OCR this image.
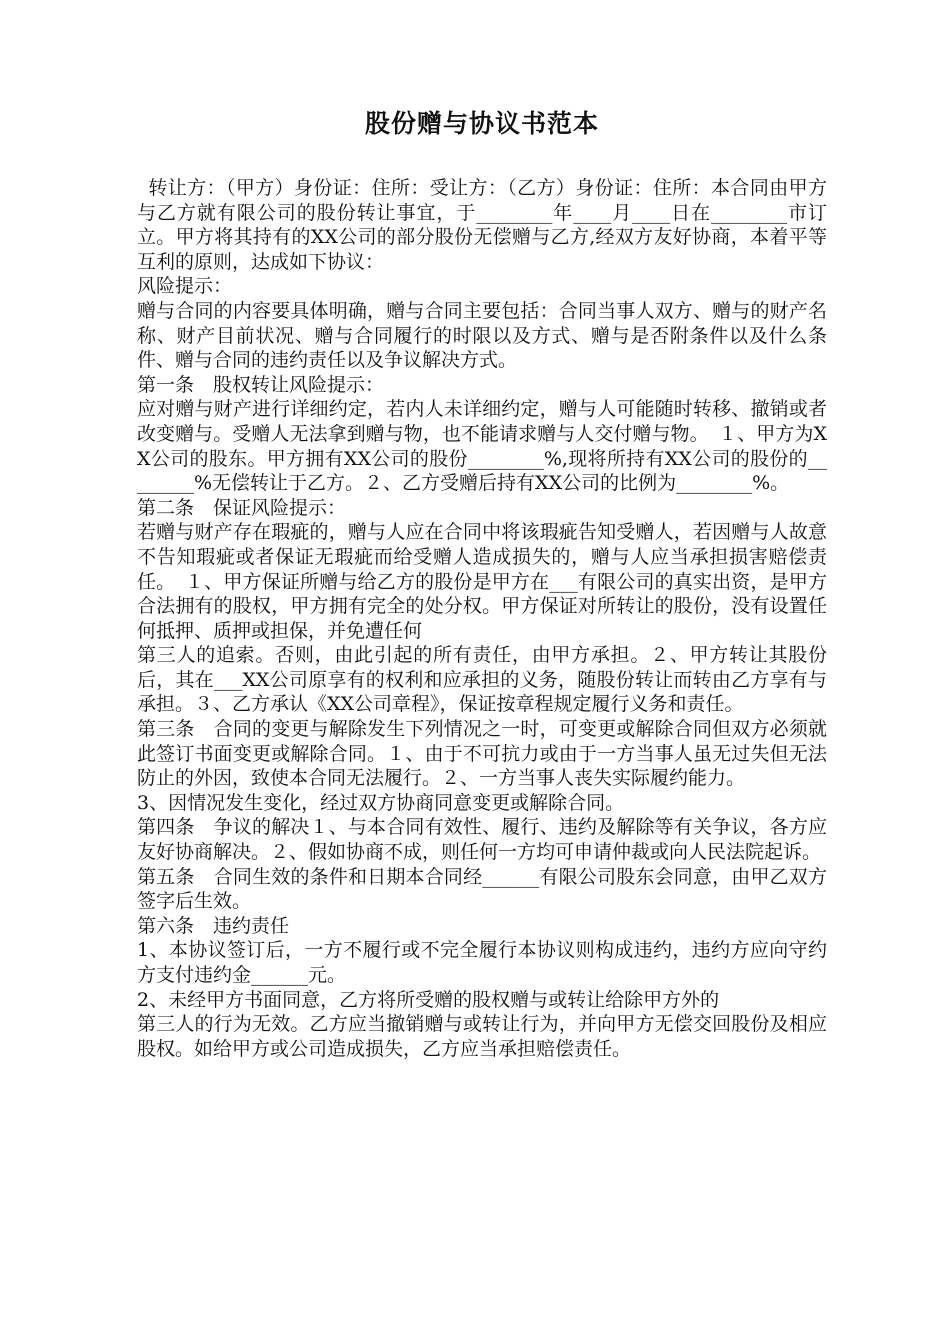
股份赠与协议书范本

转让方：（甲方）身份证：住所：受让方：（乙方）身份证：住所：本合同由甲方与乙方就有限公司的股份转让事宜，于________年____月____日在________市订立。甲方将其持有的XX公司的部分股份无偿赠与乙方,经双方友好协商，本着平等互利的原则，达成如下协议：

风险提示：

赠与合同的内容要具体明确，赠与合同主要包括：合同当事人双方、赠与的财产名称、财产目前状况、赠与合同履行的时限以及方式、赠与是否附条件以及什么条件、赠与合同的违约责任以及争议解决方式。

第一条　股权转让风险提示：

应对赠与财产进行详细约定，若内人未详细约定，赠与人可能随时转移、撤销或者改变赠与。受赠人无法拿到赠与物，也不能请求赠与人交付赠与物。　１、甲方为XX公司的股东。甲方拥有XX公司的股份________%,现将所持有XX公司的股份的________%无偿转让于乙方。２、乙方受赠后持有XX公司的比例为________%。

第二条　保证风险提示：

若赠与财产存在瑕疵的，赠与人应在合同中将该瑕疵告知受赠人，若因赠与人故意不告知瑕疵或者保证无瑕疵而给受赠人造成损失的，赠与人应当承担损害赔偿责任。　１、甲方保证所赠与给乙方的股份是甲方在___有限公司的真实出资，是甲方合法拥有的股权，甲方拥有完全的处分权。甲方保证对所转让的股份，没有设置任何抵押、质押或担保，并免遭任何

第三人的追索。否则，由此引起的所有责任，由甲方承担。２、甲方转让其股份后，其在___XX公司原享有的权利和应承担的义务，随股份转让而转由乙方享有与承担。３、乙方承认《XX公司章程》，保证按章程规定履行义务和责任。

第三条　合同的变更与解除发生下列情况之一时，可变更或解除合同但双方必须就此签订书面变更或解除合同。１、由于不可抗力或由于一方当事人虽无过失但无法防止的外因，致使本合同无法履行。２、一方当事人丧失实际履约能力。

3、因情况发生变化，经过双方协商同意变更或解除合同。

第四条　争议的解决１、与本合同有效性、履行、违约及解除等有关争议，各方应友好协商解决。２、假如协商不成，则任何一方均可申请仲裁或向人民法院起诉。

第五条　合同生效的条件和日期本合同经______有限公司股东会同意，由甲乙双方签字后生效。

第六条　违约责任

1、本协议签订后，一方不履行或不完全履行本协议则构成违约，违约方应向守约方支付违约金______元。

2、未经甲方书面同意，乙方将所受赠的股权赠与或转让给除甲方外的

第三人的行为无效。乙方应当撤销赠与或转让行为，并向甲方无偿交回股份及相应股权。如给甲方或公司造成损失，乙方应当承担赔偿责任。
